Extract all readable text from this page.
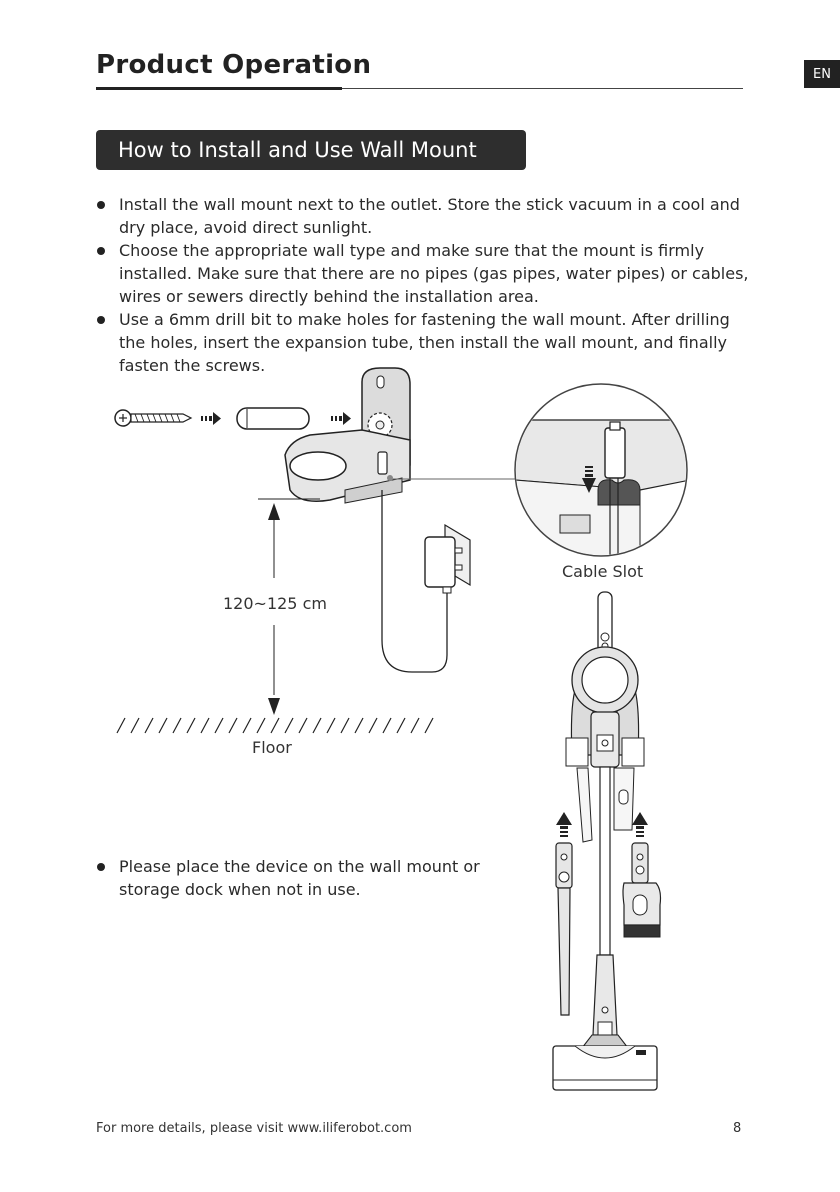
Product Operation	EN
How to Install and Use Wall Mount
Install the wall mount next to the outlet. Store the stick vacuum in a cool and dry place, avoid direct sunlight.
Choose the appropriate wall type and make sure that the mount is firmly installed. Make sure that there are no pipes (gas pipes, water pipes) or cables, wires or sewers directly behind the installation area.
Use a 6mm drill bit to make holes for fastening the wall mount. After drilling the holes, insert the expansion tube, then install the wall mount, and finally fasten the screws.
Cable Slot
120~125 cm
Floor
Please place the device on the wall mount or storage dock when not in use.
For more details, please visit www.iliferobot.com	8
